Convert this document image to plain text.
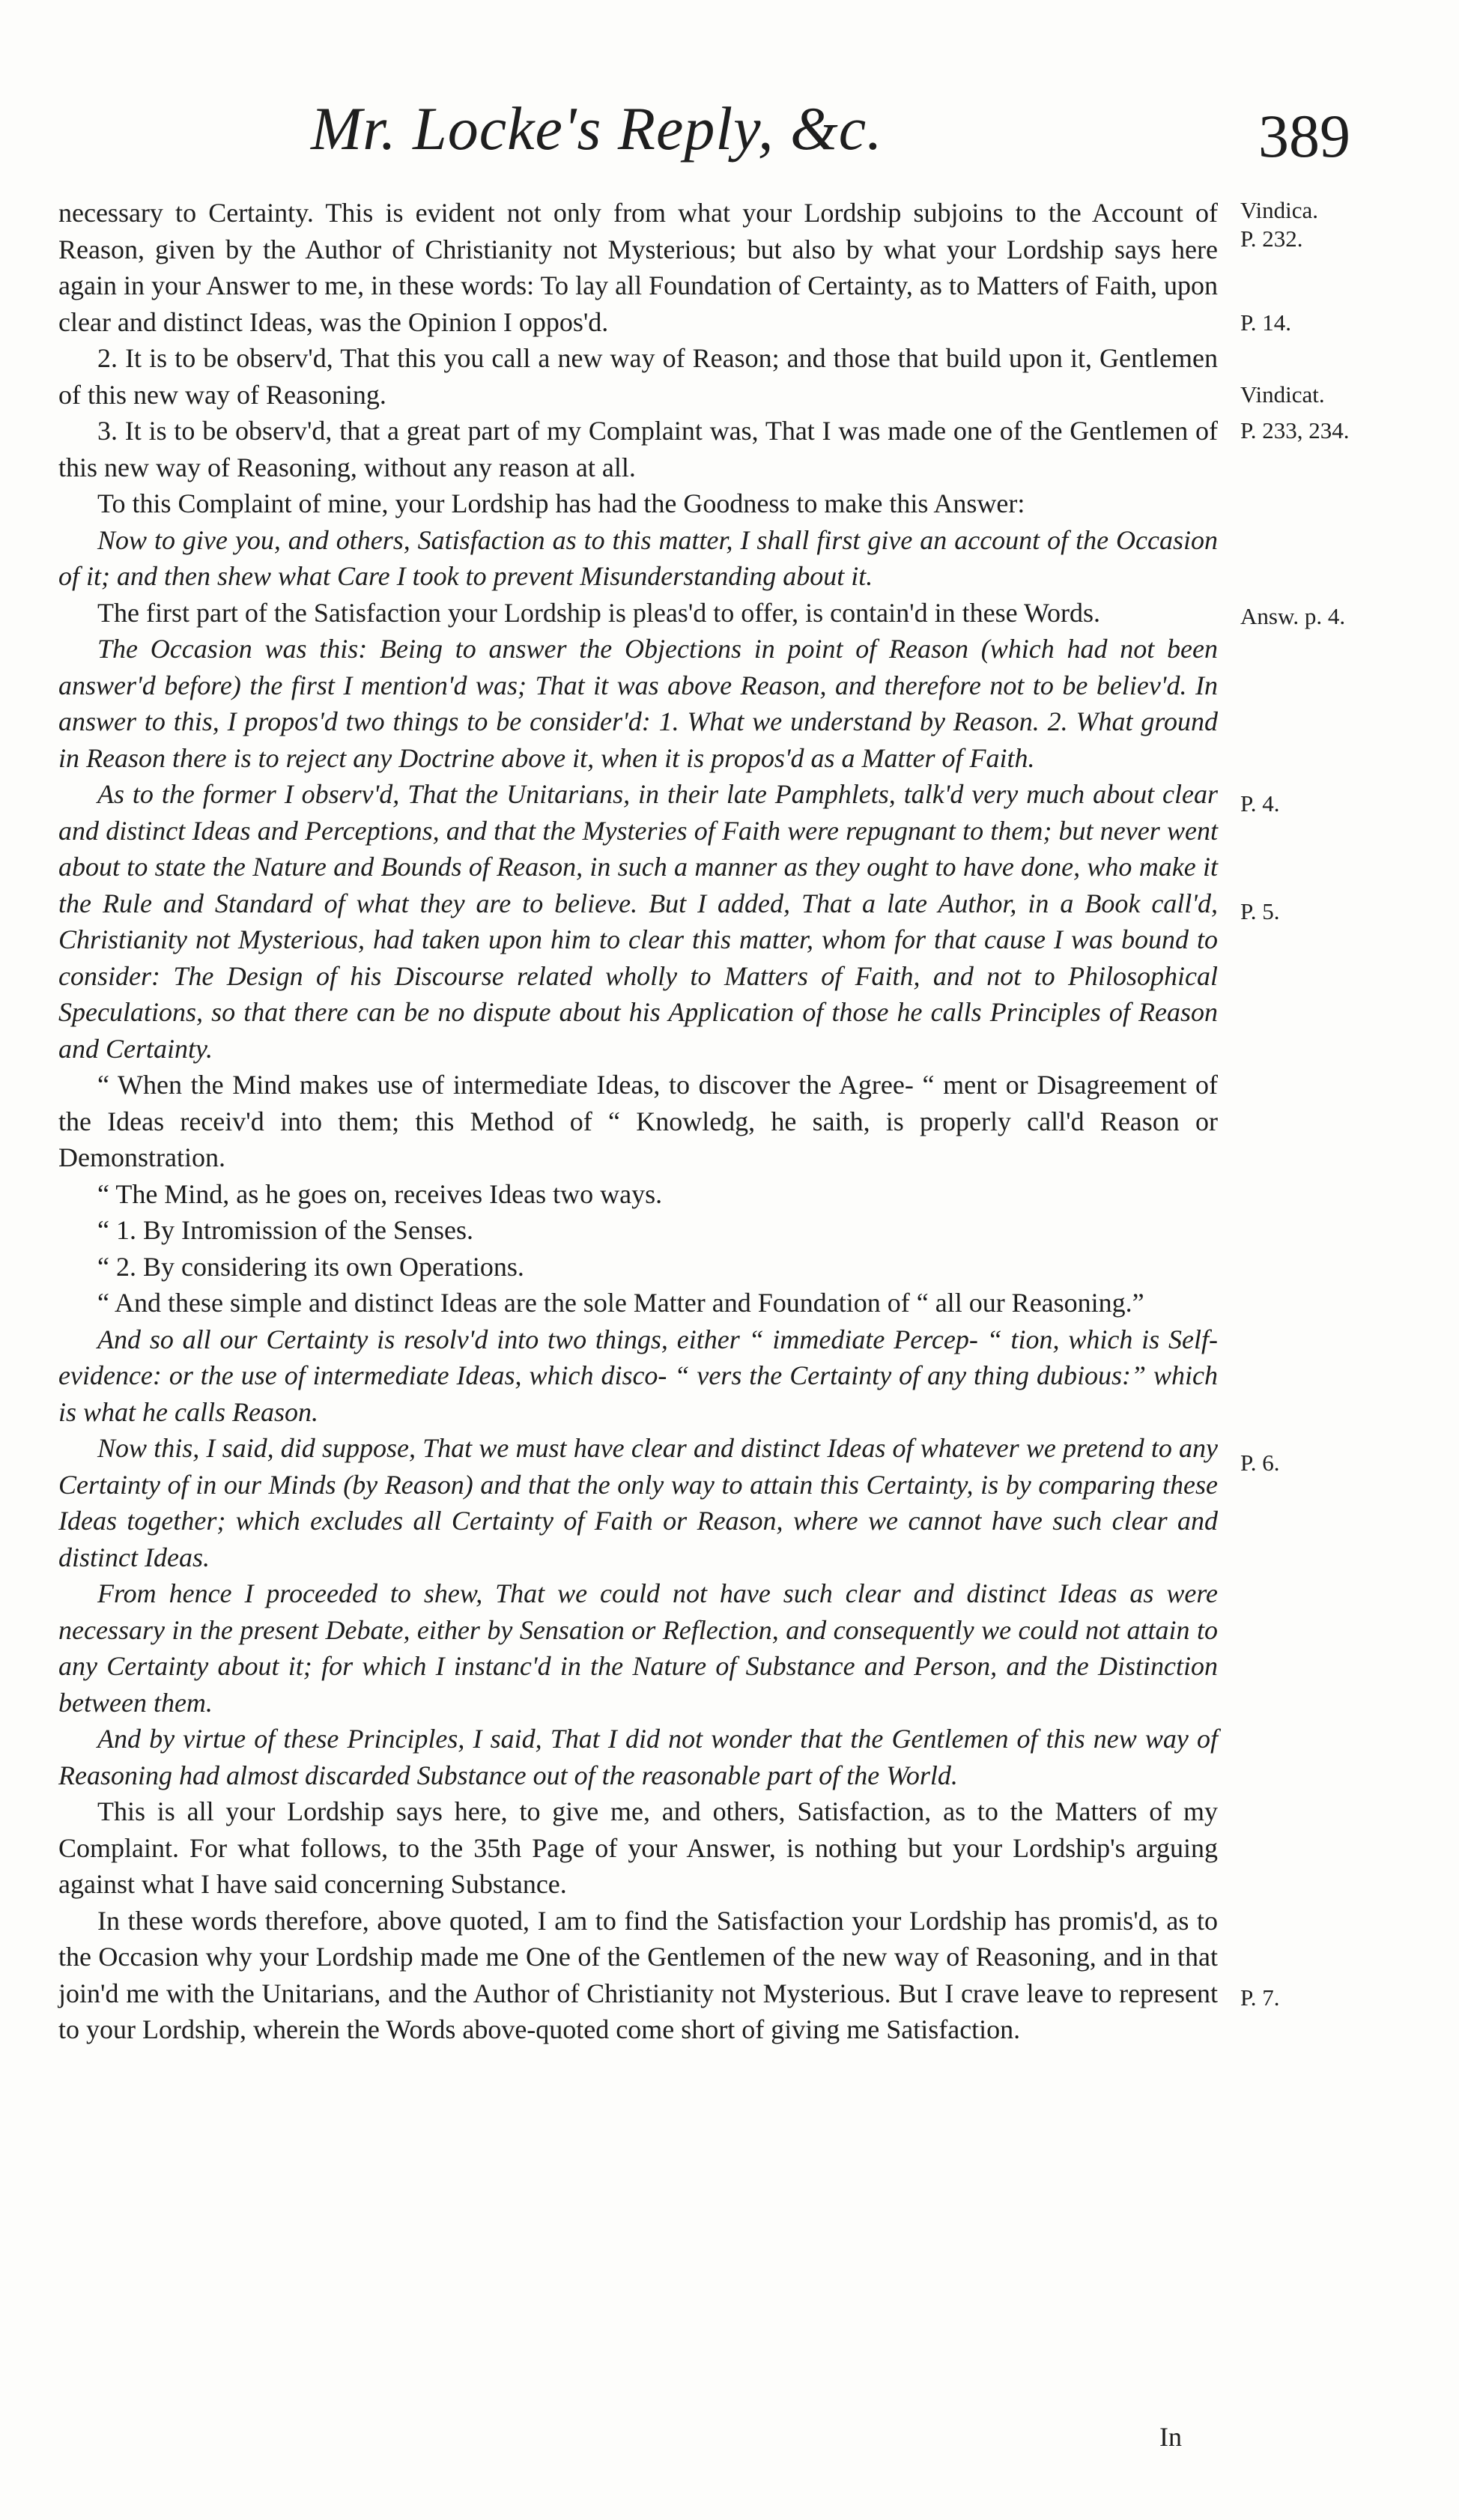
Mr. Locke's Reply, &c.	389

necessary to Certainty. This is evident not only from what your Lordship subjoins to the Account of Reason, given by the Author of Christianity not Mysterious; but also by what your Lordship says here again in your Answer to me, in these words: To lay all Foundation of Certainty, as to Matters of Faith, upon clear and distinct Ideas, was the Opinion I oppos'd.

2. It is to be observ'd, That this you call a new way of Reason; and those that build upon it, Gentlemen of this new way of Reasoning.

3. It is to be observ'd, that a great part of my Complaint was, That I was made one of the Gentlemen of this new way of Reasoning, without any reason at all.

To this Complaint of mine, your Lordship has had the Goodness to make this Answer:

Now to give you, and others, Satisfaction as to this matter, I shall first give an account of the Occasion of it; and then shew what Care I took to prevent Misunderstanding about it.

The first part of the Satisfaction your Lordship is pleas'd to offer, is contain'd in these Words.

The Occasion was this: Being to answer the Objections in point of Reason (which had not been answer'd before) the first I mention'd was; That it was above Reason, and therefore not to be believ'd. In answer to this, I propos'd two things to be consider'd: 1. What we understand by Reason. 2. What ground in Reason there is to reject any Doctrine above it, when it is propos'd as a Matter of Faith.

As to the former I observ'd, That the Unitarians, in their late Pamphlets, talk'd very much about clear and distinct Ideas and Perceptions, and that the Mysteries of Faith were repugnant to them; but never went about to state the Nature and Bounds of Reason, in such a manner as they ought to have done, who make it the Rule and Standard of what they are to believe. But I added, That a late Author, in a Book call'd, Christianity not Mysterious, had taken upon him to clear this matter, whom for that cause I was bound to consider: The Design of his Discourse related wholly to Matters of Faith, and not to Philosophical Speculations, so that there can be no dispute about his Application of those he calls Principles of Reason and Certainty.

“ When the Mind makes use of intermediate Ideas, to discover the Agree- “ ment or Disagreement of the Ideas receiv'd into them; this Method of “ Knowledg, he saith, is properly call'd Reason or Demonstration.

“ The Mind, as he goes on, receives Ideas two ways.

“ 1. By Intromission of the Senses.

“ 2. By considering its own Operations.

“ And these simple and distinct Ideas are the sole Matter and Foundation of “ all our Reasoning.”

And so all our Certainty is resolv'd into two things, either “ immediate Percep- “ tion, which is Self-evidence: or the use of intermediate Ideas, which disco- “ vers the Certainty of any thing dubious:” which is what he calls Reason.

Now this, I said, did suppose, That we must have clear and distinct Ideas of whatever we pretend to any Certainty of in our Minds (by Reason) and that the only way to attain this Certainty, is by comparing these Ideas together; which excludes all Certainty of Faith or Reason, where we cannot have such clear and distinct Ideas.

From hence I proceeded to shew, That we could not have such clear and distinct Ideas as were necessary in the present Debate, either by Sensation or Reflection, and consequently we could not attain to any Certainty about it; for which I instanc'd in the Nature of Substance and Person, and the Distinction between them.

And by virtue of these Principles, I said, That I did not wonder that the Gentlemen of this new way of Reasoning had almost discarded Substance out of the reasonable part of the World.

This is all your Lordship says here, to give me, and others, Satisfaction, as to the Matters of my Complaint. For what follows, to the 35th Page of your Answer, is nothing but your Lordship's arguing against what I have said concerning Substance.

In these words therefore, above quoted, I am to find the Satisfaction your Lordship has promis'd, as to the Occasion why your Lordship made me One of the Gentlemen of the new way of Reasoning, and in that join'd me with the Unitarians, and the Author of Christianity not Mysterious. But I crave leave to represent to your Lordship, wherein the Words above-quoted come short of giving me Satisfaction.

Vindica.
P. 232.
P. 14.
Vindicat.
P. 233, 234.
Answ. p. 4.
P. 4.
P. 5.
P. 6.
P. 7.
In
